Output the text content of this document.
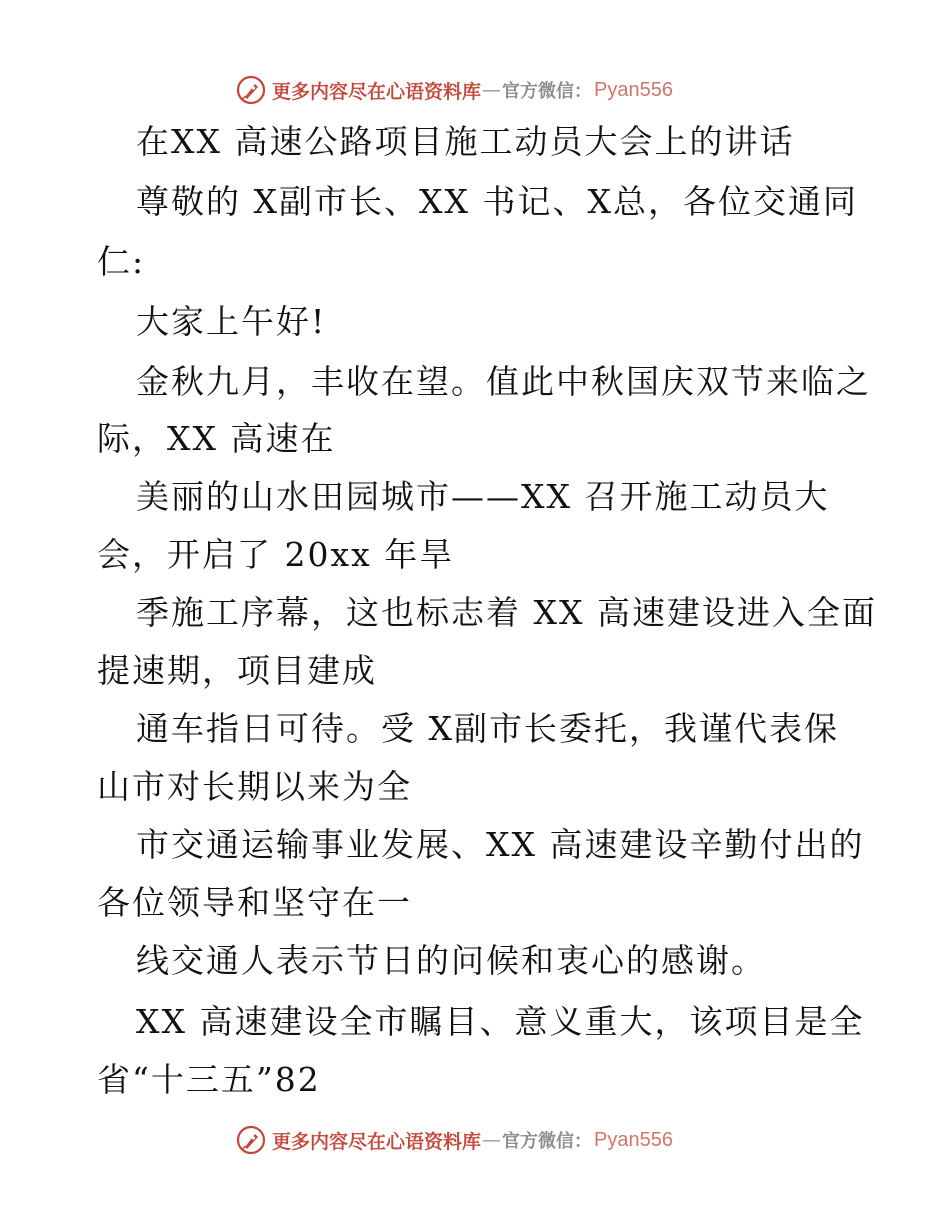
更多内容尽在心语资料库 — 官方微信： Pyan556
在XX 高速公路项目施工动员大会上的讲话
尊敬的 X副市长、XX 书记、X总，各位交通同
仁:
大家上午好!
金秋九月，丰收在望。值此中秋国庆双节来临之
际，XX 高速在
美丽的山水田园城市——XX 召开施工动员大
会，开启了 20xx 年旱
季施工序幕，这也标志着 XX 高速建设进入全面
提速期，项目建成
通车指日可待。受 X副市长委托，我谨代表保
山市对长期以来为全
市交通运输事业发展、XX 高速建设辛勤付出的
各位领导和坚守在一
线交通人表示节日的问候和衷心的感谢。
XX 高速建设全市瞩目、意义重大，该项目是全
省“十三五”82
更多内容尽在心语资料库 — 官方微信： Pyan556
